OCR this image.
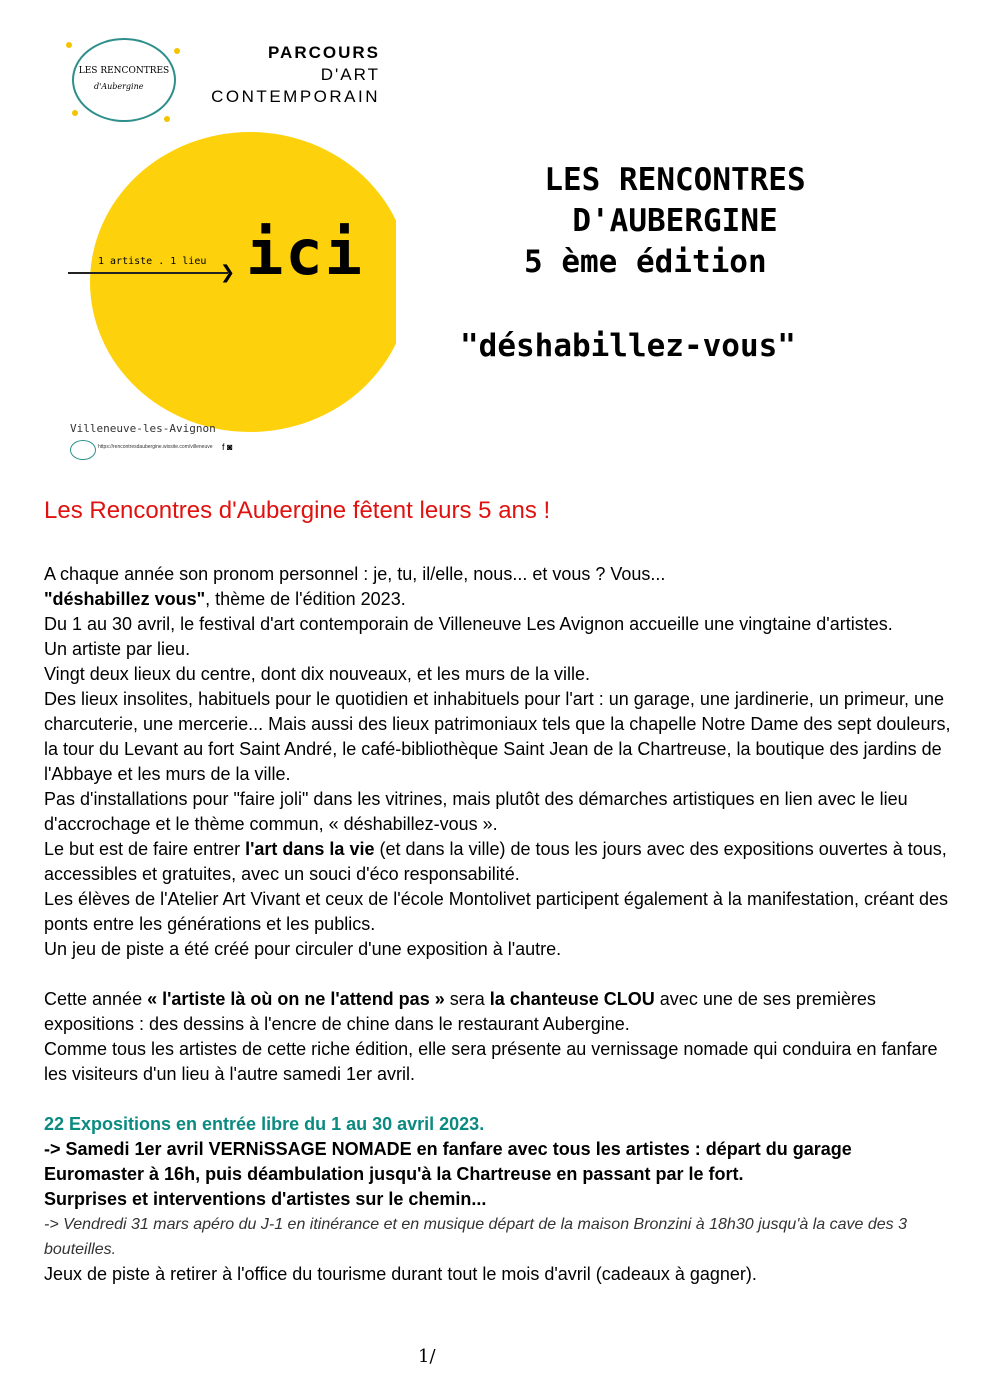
LES RENCONTRES
d'Aubergine
PARCOURS
D'ART
CONTEMPORAIN
❯
1 artiste . 1 lieu ici
Villeneuve-les-Avignon
https://rencontresdaubergine.wixsite.com/villeneuve f ◙
LES RENCONTRES
D'AUBERGINE
5 ème édition
"déshabillez-vous"
Les Rencontres d'Aubergine fêtent leurs 5 ans !

A chaque année son pronom personnel : je, tu, il/elle, nous... et vous ? Vous...

"déshabillez vous", thème de l'édition 2023.

Du 1 au 30 avril, le festival d'art contemporain de Villeneuve Les Avignon accueille une vingtaine d'artistes.

Un artiste par lieu.

Vingt deux lieux du centre, dont dix nouveaux, et les murs de la ville.

Des lieux insolites, habituels pour le quotidien et inhabituels pour l'art : un garage, une jardinerie, un primeur, une charcuterie, une mercerie... Mais aussi des lieux patrimoniaux tels que la chapelle Notre Dame des sept douleurs, la tour du Levant au fort Saint André, le café-bibliothèque Saint Jean de la Chartreuse, la boutique des jardins de l'Abbaye et les murs de la ville.

Pas d'installations pour "faire joli" dans les vitrines, mais plutôt des démarches artistiques en lien avec le lieu d'accrochage et le thème commun, « déshabillez-vous ».

Le but est de faire entrer l'art dans la vie (et dans la ville) de tous les jours avec des expositions ouvertes à tous, accessibles et gratuites, avec un souci d'éco responsabilité.

Les élèves de l'Atelier Art Vivant et ceux de l'école Montolivet participent également à la manifestation, créant des ponts entre les générations et les publics.

Un jeu de piste a été créé pour circuler d'une exposition à l'autre.

Cette année « l'artiste là où on ne l'attend pas » sera la chanteuse CLOU avec une de ses premières expositions : des dessins à l'encre de chine dans le restaurant Aubergine.

Comme tous les artistes de cette riche édition, elle sera présente au vernissage nomade qui conduira en fanfare les visiteurs d'un lieu à l'autre samedi 1er avril.

22 Expositions en entrée libre du 1 au 30 avril 2023.

-> Samedi 1er avril VERNiSSAGE NOMADE en fanfare avec tous les artistes : départ du garage Euromaster à 16h, puis déambulation jusqu'à la Chartreuse en passant par le fort.

Surprises et interventions d'artistes sur le chemin...

-> Vendredi 31 mars apéro du J-1 en itinérance et en musique départ de la maison Bronzini à 18h30 jusqu'à la cave des 3 bouteilles.

Jeux de piste à retirer à l'office du tourisme durant tout le mois d'avril (cadeaux à gagner).

1/
